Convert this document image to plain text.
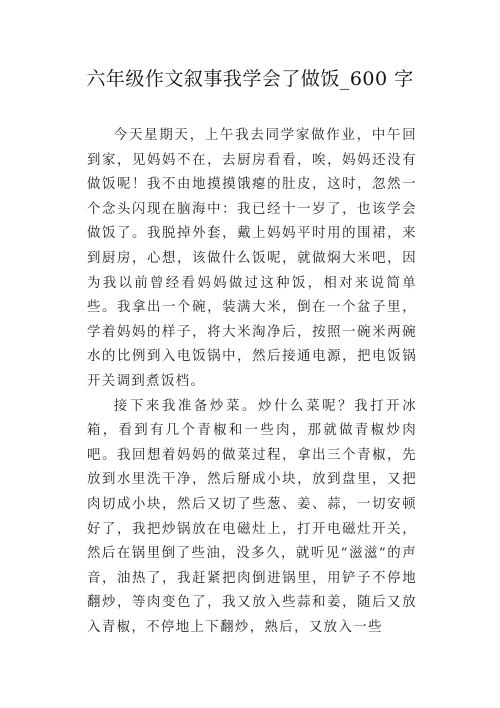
六年级作文叙事我学会了做饭_600 字

今天星期天，上午我去同学家做作业，中午回到家，见妈妈不在，去厨房看看，唉，妈妈还没有做饭呢！我不由地摸摸饿瘪的肚皮，这时，忽然一个念头闪现在脑海中：我已经十一岁了，也该学会做饭了。我脱掉外套，戴上妈妈平时用的围裙，来到厨房，心想，该做什么饭呢，就做焖大米吧，因为我以前曾经看妈妈做过这种饭，相对来说简单些。我拿出一个碗，装满大米，倒在一个盆子里，学着妈妈的样子，将大米淘净后，按照一碗米两碗水的比例到入电饭锅中，然后接通电源，把电饭锅开关调到煮饭档。

接下来我准备炒菜。炒什么菜呢？我打开冰箱，看到有几个青椒和一些肉，那就做青椒炒肉吧。我回想着妈妈的做菜过程，拿出三个青椒，先放到水里洗干净，然后掰成小块，放到盘里，又把肉切成小块，然后又切了些葱、姜、蒜，一切安顿好了，我把炒锅放在电磁灶上，打开电磁灶开关，然后在锅里倒了些油，没多久，就听见“滋滋”的声音，油热了，我赶紧把肉倒进锅里，用铲子不停地翻炒，等肉变色了，我又放入些蒜和姜，随后又放入青椒，不停地上下翻炒，熟后，又放入一些
